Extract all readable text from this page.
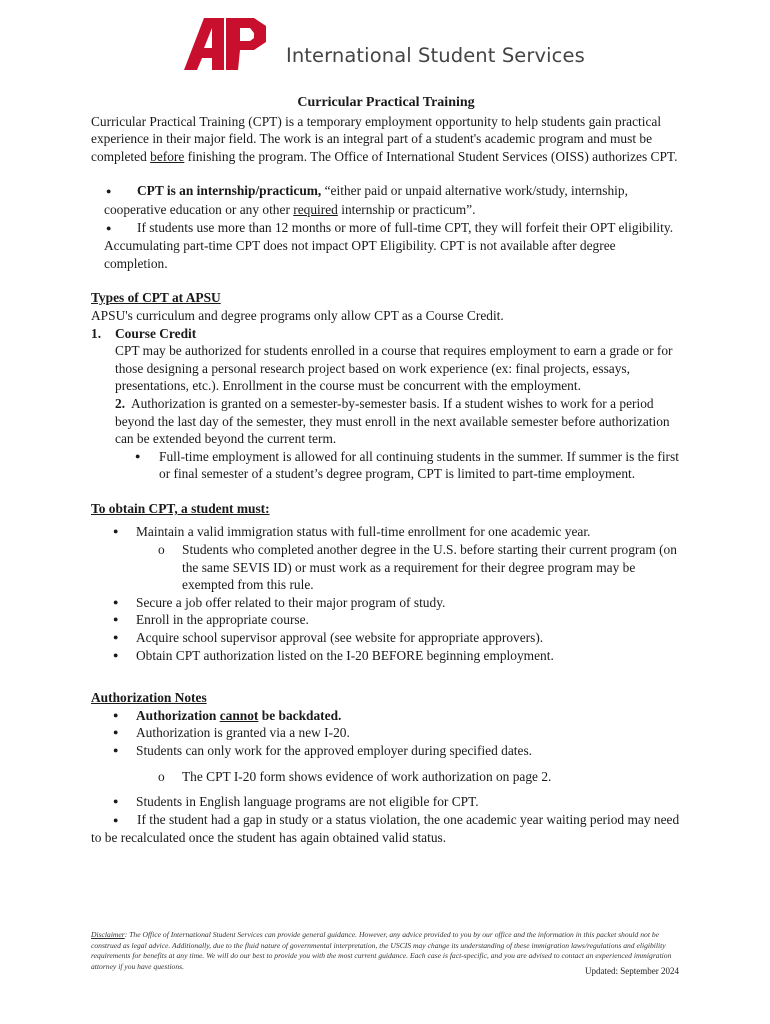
International Student Services

Curricular Practical Training

Curricular Practical Training (CPT) is a temporary employment opportunity to help students gain practical experience in their major field. The work is an integral part of a student's academic program and must be completed before finishing the program. The Office of International Student Services (OISS) authorizes CPT.

● CPT is an internship/practicum, “either paid or unpaid alternative work/study, internship, cooperative education or any other required internship or practicum”.

● If students use more than 12 months or more of full-time CPT, they will forfeit their OPT eligibility. Accumulating part-time CPT does not impact OPT Eligibility. CPT is not available after degree completion.

Types of CPT at APSU

APSU's curriculum and degree programs only allow CPT as a Course Credit.

1. Course Credit

CPT may be authorized for students enrolled in a course that requires employment to earn a grade or for those designing a personal research project based on work experience (ex: final projects, essays, presentations, etc.). Enrollment in the course must be concurrent with the employment.

2. Authorization is granted on a semester-by-semester basis. If a student wishes to work for a period beyond the last day of the semester, they must enroll in the next available semester before authorization can be extended beyond the current term.

● Full-time employment is allowed for all continuing students in the summer. If summer is the first or final semester of a student’s degree program, CPT is limited to part-time employment.

To obtain CPT, a student must:

● Maintain a valid immigration status with full-time enrollment for one academic year.
o Students who completed another degree in the U.S. before starting their current program (on the same SEVIS ID) or must work as a requirement for their degree program may be exempted from this rule.
● Secure a job offer related to their major program of study.
● Enroll in the appropriate course.
● Acquire school supervisor approval (see website for appropriate approvers).
● Obtain CPT authorization listed on the I-20 BEFORE beginning employment.

Authorization Notes

● Authorization cannot be backdated.
● Authorization is granted via a new I-20.
● Students can only work for the approved employer during specified dates.
o The CPT I-20 form shows evidence of work authorization on page 2.
● Students in English language programs are not eligible for CPT.

● If the student had a gap in study or a status violation, the one academic year waiting period may need to be recalculated once the student has again obtained valid status.

Disclaimer: The Office of International Student Services can provide general guidance. However, any advice provided to you by our office and the information in this packet should not be construed as legal advice. Additionally, due to the fluid nature of governmental interpretation, the USCIS may change its understanding of these immigration laws/regulations and eligibility requirements for benefits at any time. We will do our best to provide you with the most current guidance. Each case is fact-specific, and you are advised to contact an experienced immigration attorney if you have questions.	Updated: September 2024
